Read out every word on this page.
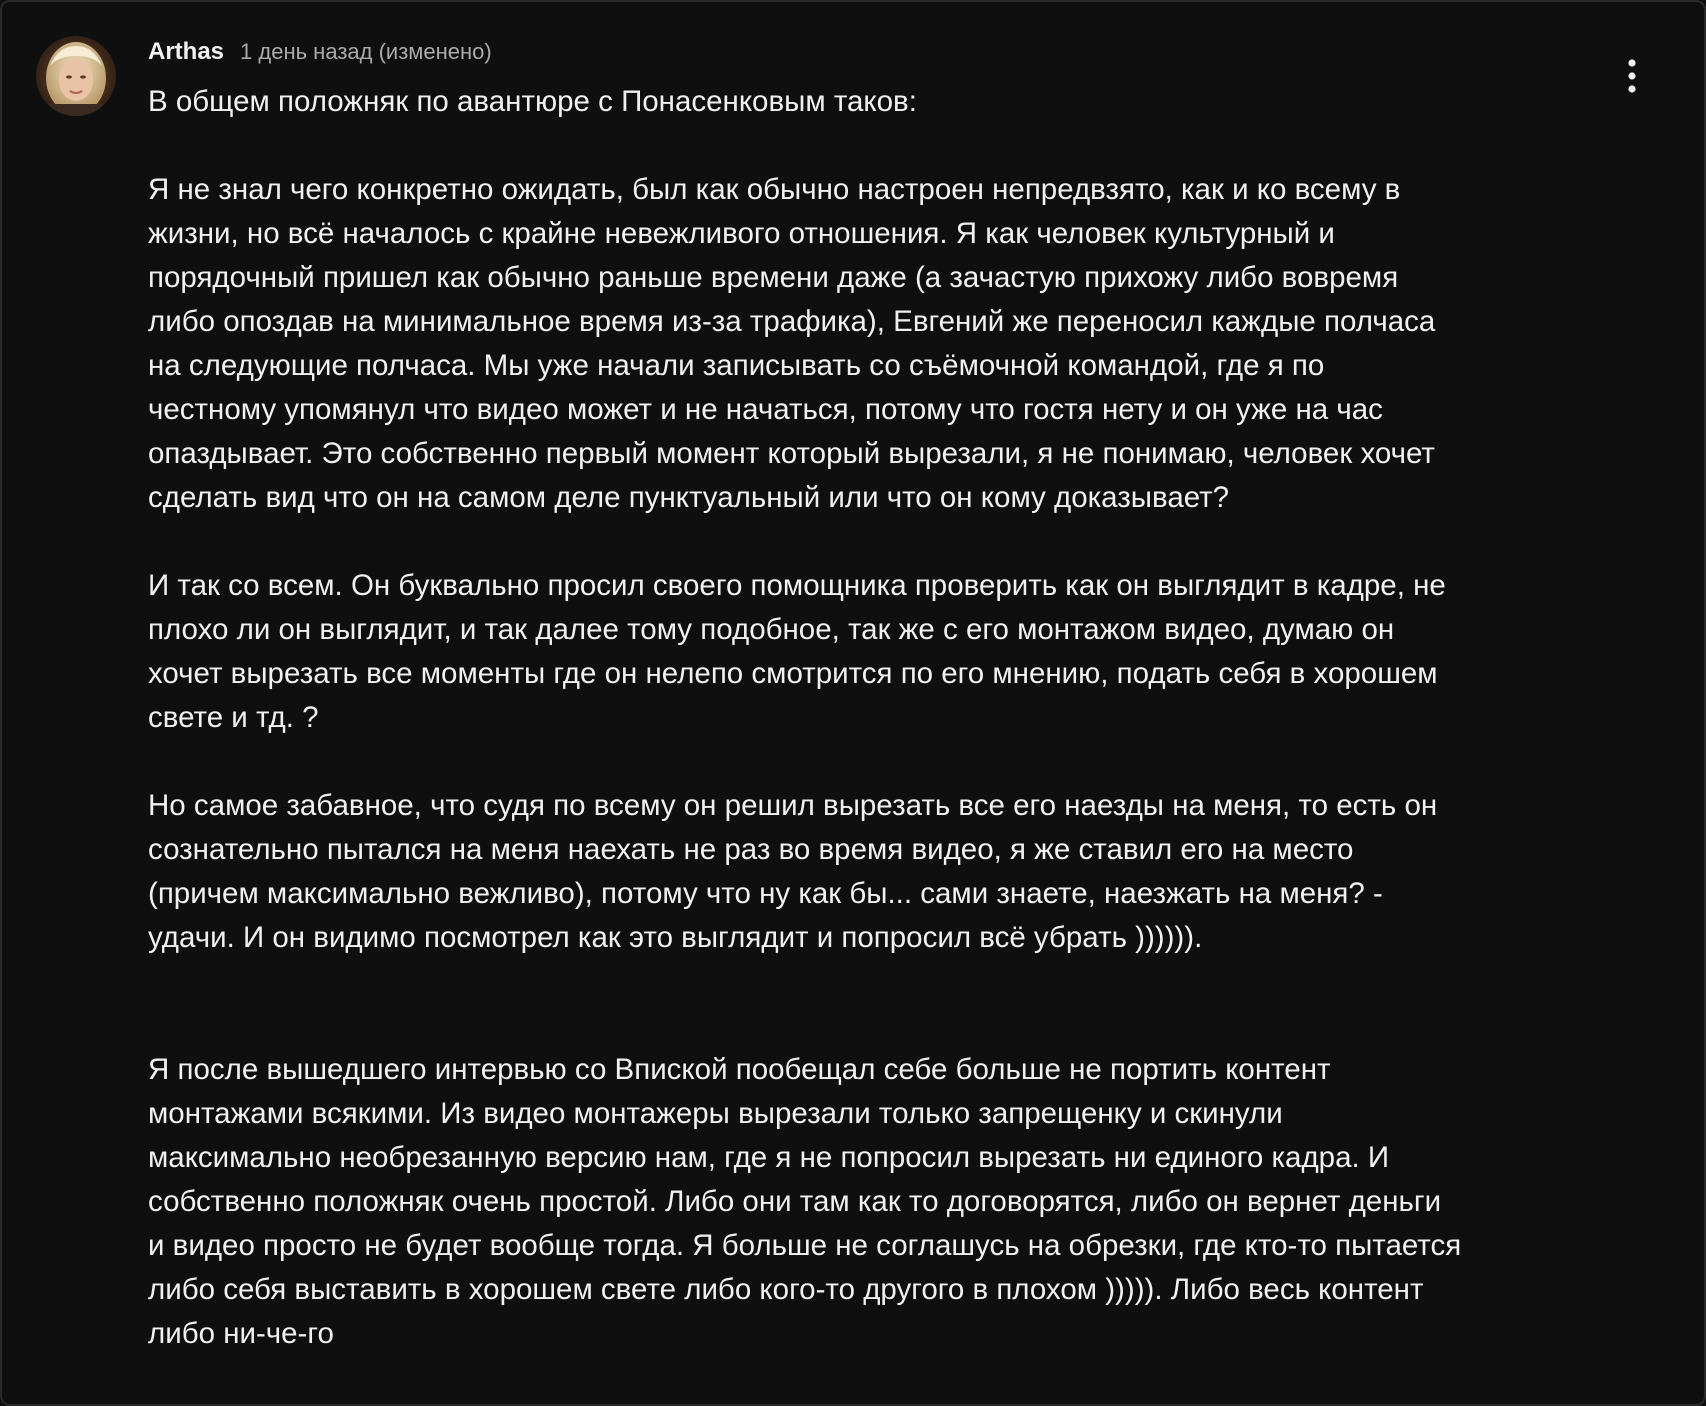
Arthas 1 день назад (изменено)

В общем положняк по авантюре с Понасенковым таков:

Я не знал чего конкретно ожидать, был как обычно настроен непредвзято, как и ко всему в
жизни, но всё началось с крайне невежливого отношения. Я как человек культурный и
порядочный пришел как обычно раньше времени даже (а зачастую прихожу либо вовремя
либо опоздав на минимальное время из-за трафика), Евгений же переносил каждые полчаса
на следующие полчаса. Мы уже начали записывать со съёмочной командой, где я по
честному упомянул что видео может и не начаться, потому что гостя нету и он уже на час
опаздывает. Это собственно первый момент который вырезали, я не понимаю, человек хочет
сделать вид что он на самом деле пунктуальный или что он кому доказывает?

И так со всем. Он буквально просил своего помощника проверить как он выглядит в кадре, не
плохо ли он выглядит, и так далее тому подобное, так же с его монтажом видео, думаю он
хочет вырезать все моменты где он нелепо смотрится по его мнению, подать себя в хорошем
свете и тд. ?

Но самое забавное, что судя по всему он решил вырезать все его наезды на меня, то есть он
сознательно пытался на меня наехать не раз во время видео, я же ставил его на место
(причем максимально вежливо), потому что ну как бы... сами знаете, наезжать на меня? -
удачи. И он видимо посмотрел как это выглядит и попросил всё убрать )))))).

Я после вышедшего интервью со Впиской пообещал себе больше не портить контент
монтажами всякими. Из видео монтажеры вырезали только запрещенку и скинули
максимально необрезанную версию нам, где я не попросил вырезать ни единого кадра. И
собственно положняк очень простой. Либо они там как то договорятся, либо он вернет деньги
и видео просто не будет вообще тогда. Я больше не соглашусь на обрезки, где кто-то пытается
либо себя выставить в хорошем свете либо кого-то другого в плохом ))))). Либо весь контент
либо ни-че-го
